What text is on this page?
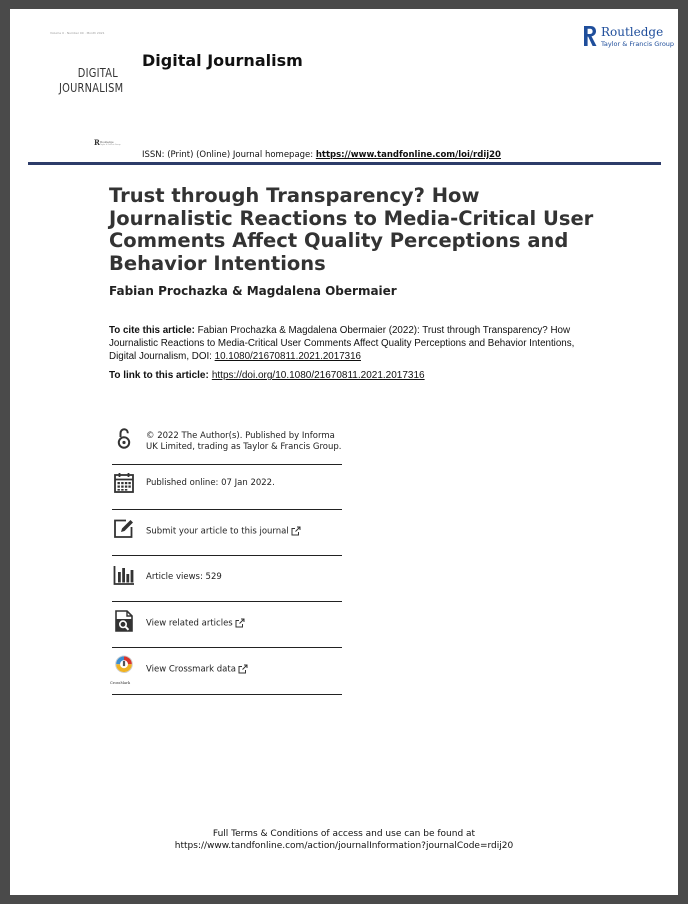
Volume 0 · Number 00 · Month 2021
DIGITAL
JOURNALISM
R Routledge
Taylor & Francis Group
Digital Journalism
Routledge
Taylor & Francis Group
ISSN: (Print) (Online) Journal homepage: https://www.tandfonline.com/loi/rdij20
Trust through Transparency? How Journalistic Reactions to Media-Critical User Comments Affect Quality Perceptions and Behavior Intentions
Fabian Prochazka & Magdalena Obermaier
To cite this article: Fabian Prochazka & Magdalena Obermaier (2022): Trust through Transparency? How Journalistic Reactions to Media-Critical User Comments Affect Quality Perceptions and Behavior Intentions, Digital Journalism, DOI: 10.1080/21670811.2021.2017316
To link to this article: https://doi.org/10.1080/21670811.2021.2017316
© 2022 The Author(s). Published by Informa UK Limited, trading as Taylor & Francis Group.
Published online: 07 Jan 2022.
Submit your article to this journal
Article views: 529
View related articles
CrossMark
View Crossmark data
Full Terms & Conditions of access and use can be found at
https://www.tandfonline.com/action/journalInformation?journalCode=rdij20
